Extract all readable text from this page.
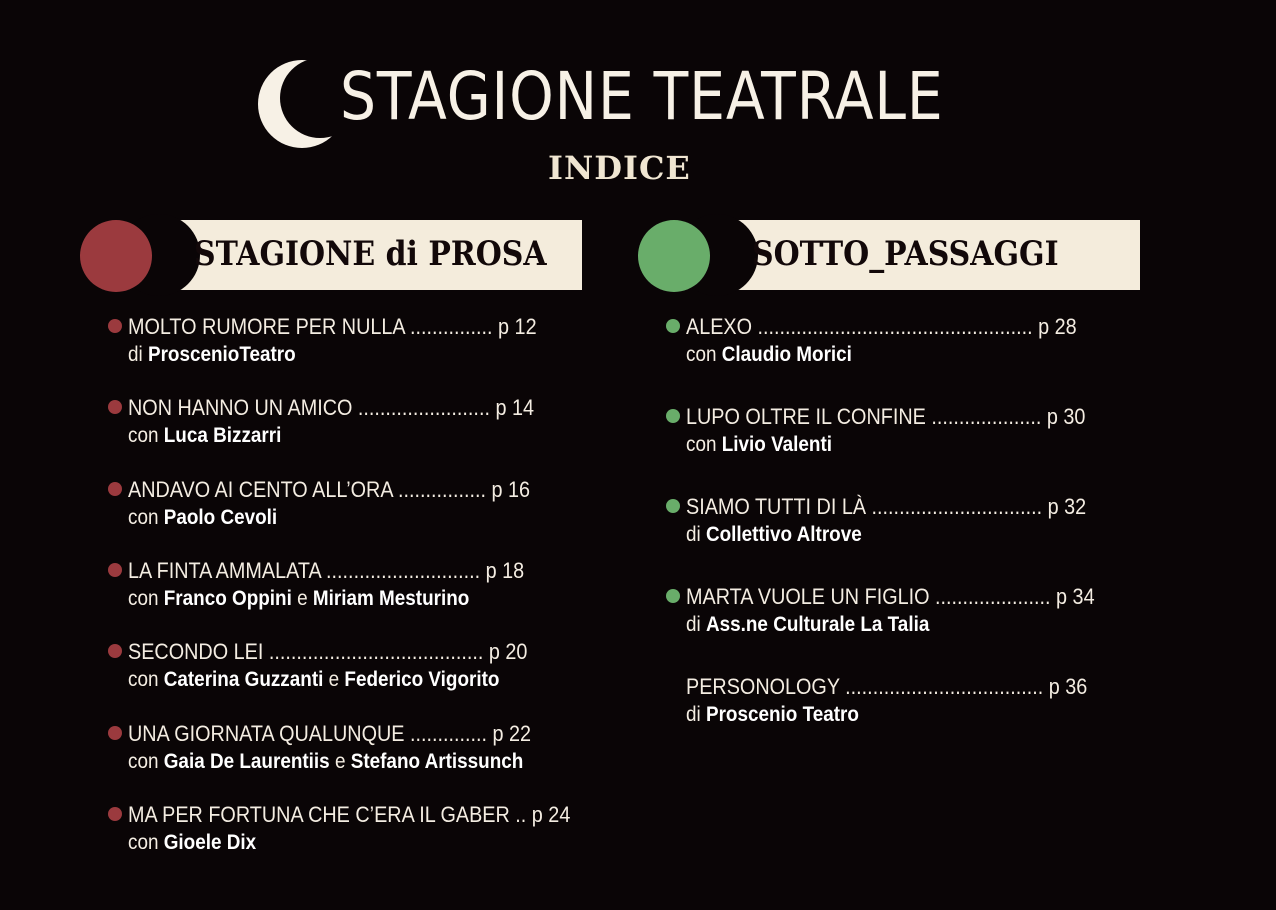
STAGIONE TEATRALE
INDICE
STAGIONE di PROSA	SOTTO_PASSAGGI
MOLTO RUMORE PER NULLA ............... p 12
di ProscenioTeatro
NON HANNO UN AMICO ........................ p 14
con Luca Bizzarri
ANDAVO AI CENTO ALL’ORA ................ p 16
con Paolo Cevoli
LA FINTA AMMALATA ............................ p 18
con Franco Oppini e Miriam Mesturino
SECONDO LEI ....................................... p 20
con Caterina Guzzanti e Federico Vigorito
UNA GIORNATA QUALUNQUE .............. p 22
con Gaia De Laurentiis e Stefano Artissunch
MA PER FORTUNA CHE C’ERA IL GABER .. p 24
con Gioele Dix
ALEXO .................................................. p 28
con Claudio Morici
LUPO OLTRE IL CONFINE .................... p 30
con Livio Valenti
SIAMO TUTTI DI LÀ ............................... p 32
di Collettivo Altrove
MARTA VUOLE UN FIGLIO ..................... p 34
di Ass.ne Culturale La Talia
PERSONOLOGY .................................... p 36
di Proscenio Teatro
